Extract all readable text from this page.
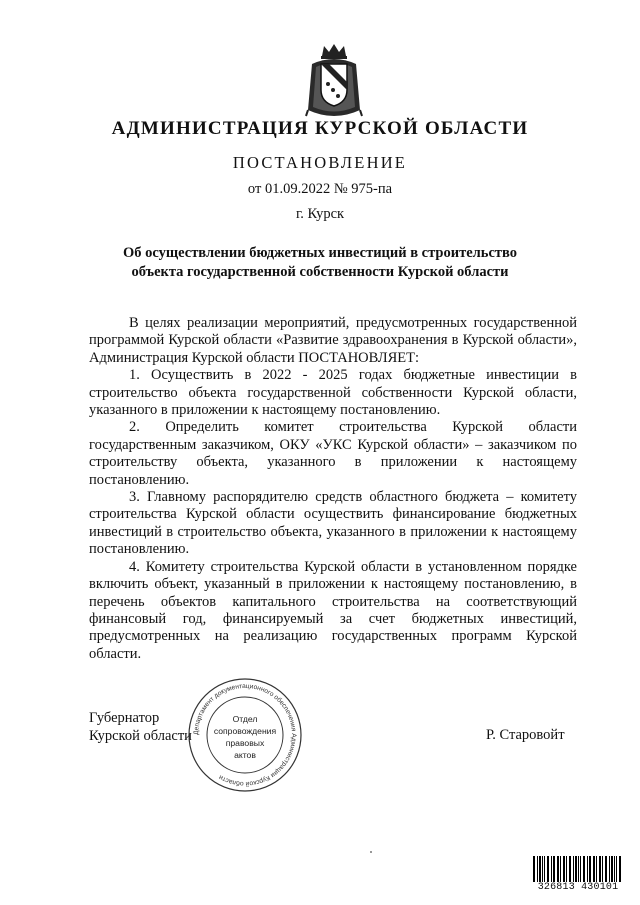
АДМИНИСТРАЦИЯ КУРСКОЙ ОБЛАСТИ
ПОСТАНОВЛЕНИЕ
от 01.09.2022 № 975-па
г. Курск
Об осуществлении бюджетных инвестиций в строительство
объекта государственной собственности Курской области

В целях реализации мероприятий, предусмотренных государственной программой Курской области «Развитие здравоохранения в Курской области», Администрация Курской области ПОСТАНОВЛЯЕТ:

1. Осуществить в 2022 - 2025 годах бюджетные инвестиции в строительство объекта государственной собственности Курской области, указанного в приложении к настоящему постановлению.

2. Определить комитет строительства Курской области государственным заказчиком, ОКУ «УКС Курской области» – заказчиком по строительству объекта, указанного в приложении к настоящему постановлению.

3. Главному распорядителю средств областного бюджета – комитету строительства Курской области осуществить финансирование бюджетных инвестиций в строительство объекта, указанного в приложении к настоящему постановлению.

4. Комитету строительства Курской области в установленном порядке включить объект, указанный в приложении к настоящему постановлению, в перечень объектов капитального строительства на соответствующий финансовый год, финансируемый за счет бюджетных инвестиций, предусмотренных на реализацию государственных программ Курской области.

Губернатор
Курской области	Р. Старовойт
Департамент документационного обеспечения Администрации Курской области
Отдел
сопровождения
правовых
актов
326813 430101
